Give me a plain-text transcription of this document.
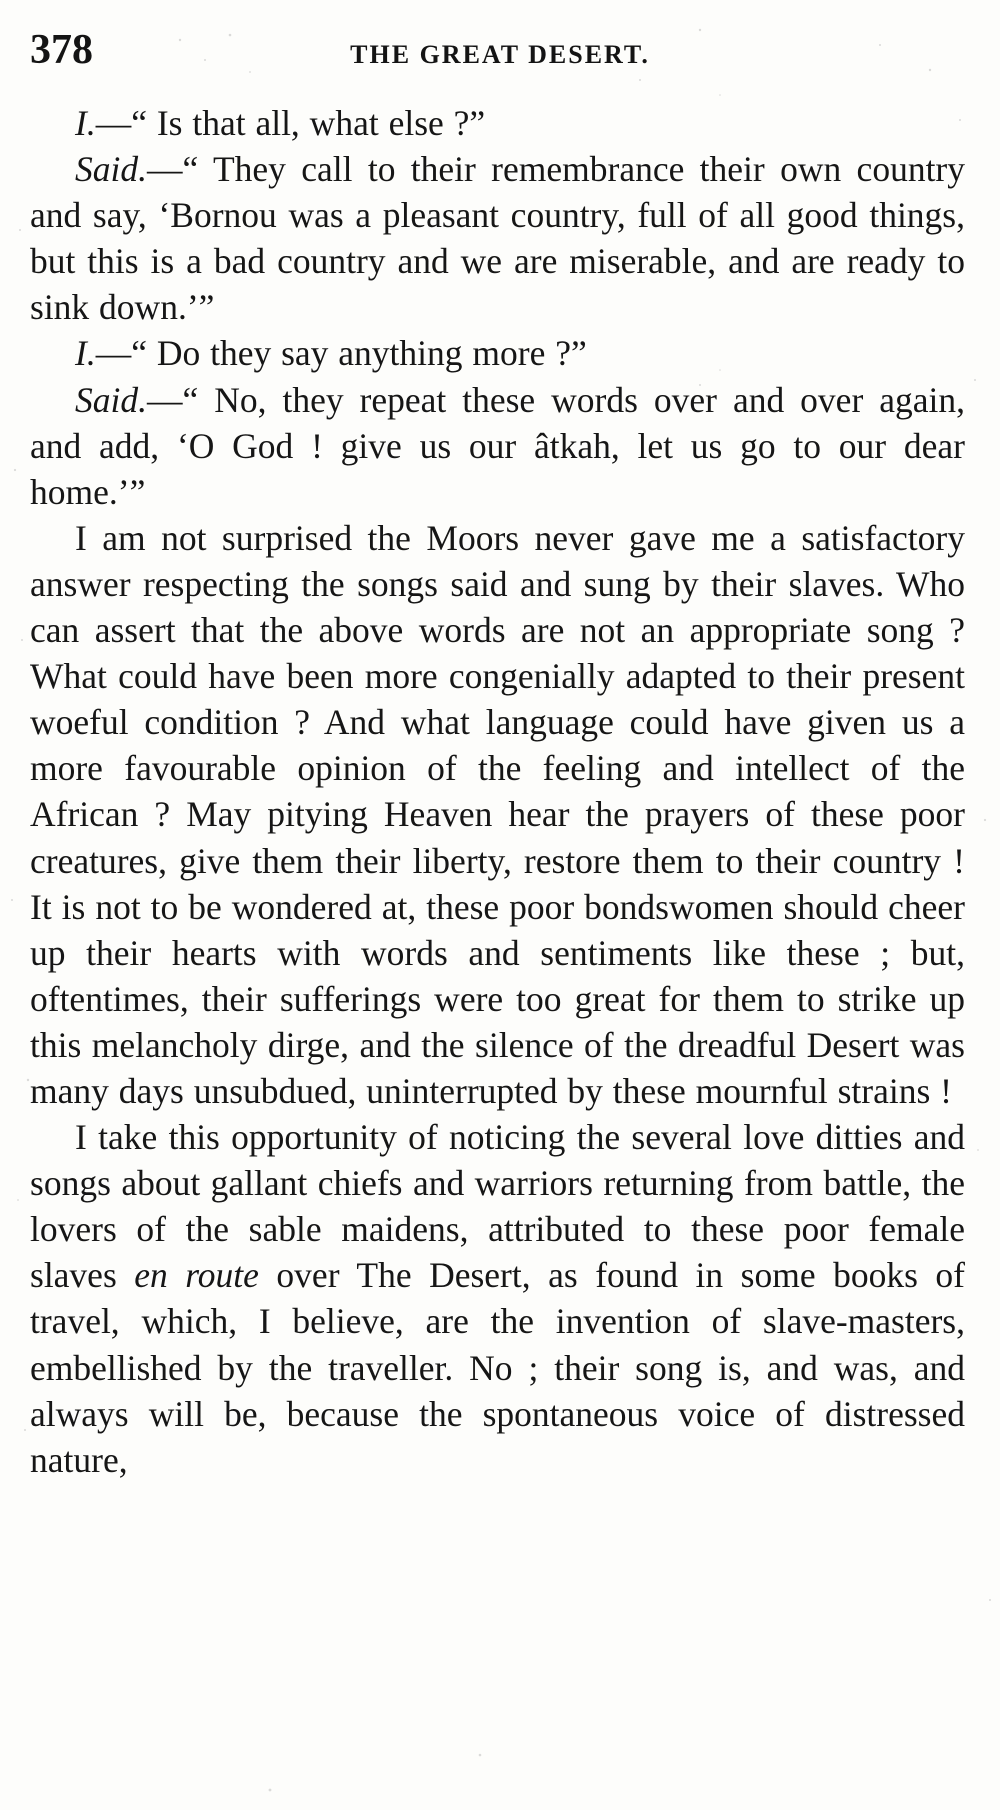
378	THE GREAT DESERT.

I.—“ Is that all, what else ?”

Said.—“ They call to their remembrance their own country and say, ‘Bornou was a pleasant country, full of all good things, but this is a bad country and we are miserable, and are ready to sink down.’”

I.—“ Do they say anything more ?”

Said.—“ No, they repeat these words over and over again, and add, ‘O God ! give us our âtkah, let us go to our dear home.’”

I am not surprised the Moors never gave me a satisfactory answer respecting the songs said and sung by their slaves. Who can assert that the above words are not an appropriate song ? What could have been more congenially adapted to their present woeful condition ? And what language could have given us a more favourable opinion of the feeling and intellect of the African ? May pitying Heaven hear the prayers of these poor creatures, give them their liberty, restore them to their country ! It is not to be wondered at, these poor bondswomen should cheer up their hearts with words and sentiments like these ; but, oftentimes, their sufferings were too great for them to strike up this melancholy dirge, and the silence of the dreadful Desert was many days unsubdued, uninterrupted by these mournful strains !

I take this opportunity of noticing the several love ditties and songs about gallant chiefs and warriors returning from battle, the lovers of the sable maidens, attributed to these poor female slaves en route over The Desert, as found in some books of travel, which, I believe, are the invention of slave-masters, embellished by the traveller. No ; their song is, and was, and always will be, because the spontaneous voice of distressed nature,
